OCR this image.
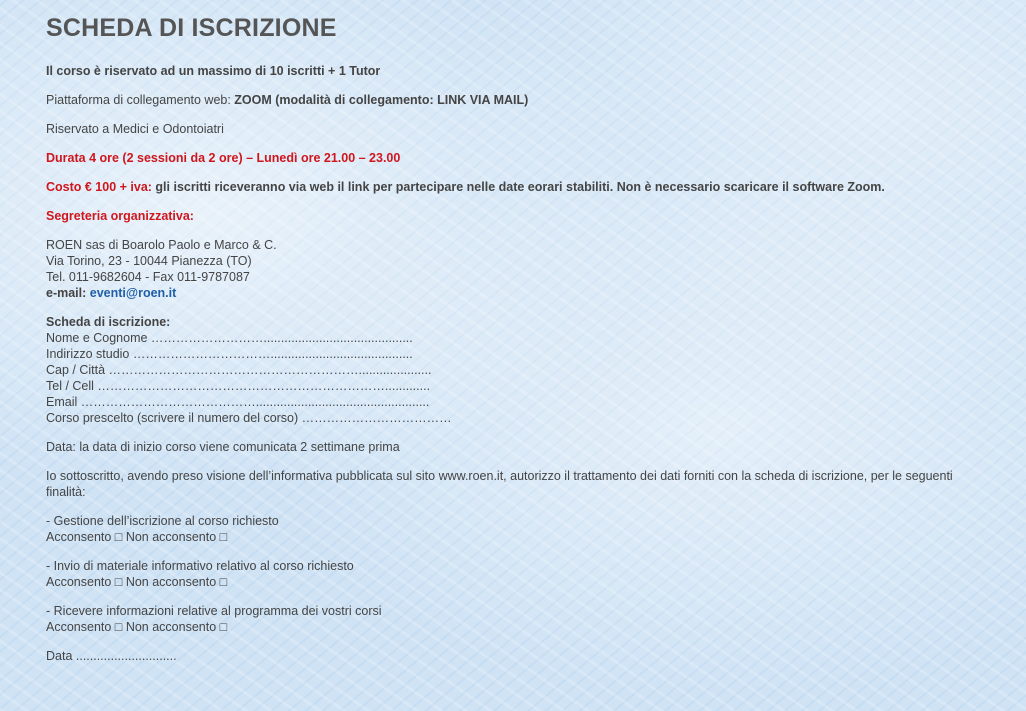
SCHEDA DI ISCRIZIONE

Il corso è riservato ad un massimo di 10 iscritti + 1 Tutor

Piattaforma di collegamento web: ZOOM (modalità di collegamento: LINK VIA MAIL)

Riservato a Medici e Odontoiatri

Durata 4 ore (2 sessioni da 2 ore) – Lunedì ore 21.00 – 23.00

Costo € 100 + iva: gli iscritti riceveranno via web il link per partecipare nelle date eorari stabiliti. Non è necessario scaricare il software Zoom.

Segreteria organizzativa:

ROEN sas di Boarolo Paolo e Marco & C.

Via Torino, 23 - 10044 Pianezza (TO)

Tel. 011-9682604 - Fax 011-9787087

e-mail: eventi@roen.it

Scheda di iscrizione:

Nome e Cognome ………………………...........................................

Indirizzo studio …………………………….........................................

Cap / Città …………………………………………………….....................

Tel / Cell …………………………………………………………….............

Email ……………………………………..................................................

Corso prescelto (scrivere il numero del corso) ………………………………

Data: la data di inizio corso viene comunicata 2 settimane prima

Io sottoscritto, avendo preso visione dell’informativa pubblicata sul sito www.roen.it, autorizzo il trattamento dei dati forniti con la scheda di iscrizione, per le seguenti finalità:

- Gestione dell’iscrizione al corso richiesto

Acconsento □ Non acconsento □

- Invio di materiale informativo relativo al corso richiesto

Acconsento □ Non acconsento □

- Ricevere informazioni relative al programma dei vostri corsi

Acconsento □ Non acconsento □

Data .............................
